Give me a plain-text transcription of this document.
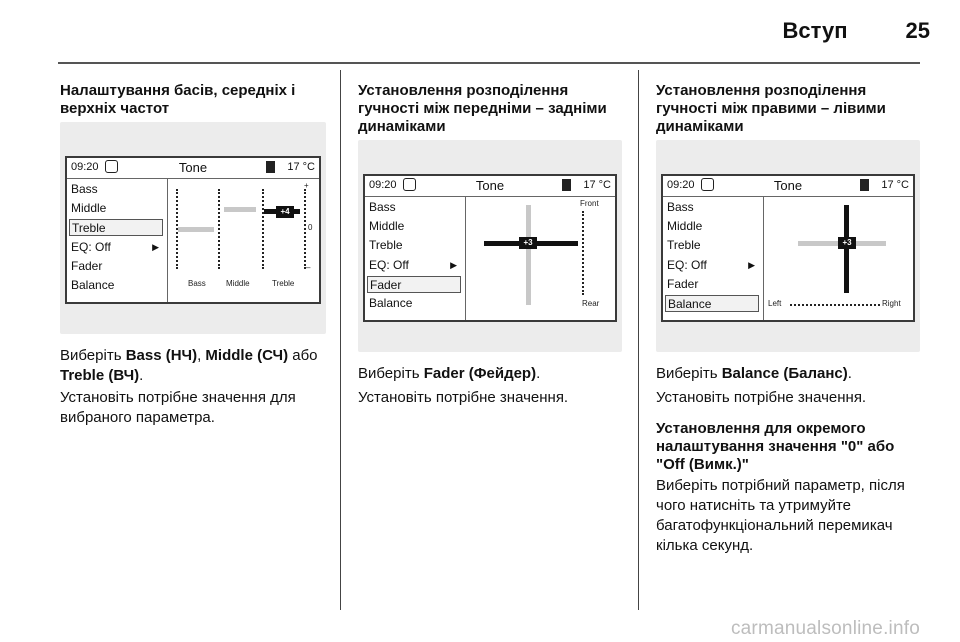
Вступ	25
Налаштування басів, середніх і верхніх частот
09:20	Tone	17 °C
Bass
Middle
Treble
EQ: Off	▶
Fader
Balance
+4
+
0
–
Bass	Middle	Treble

Виберіть Bass (НЧ), Middle (СЧ) або Treble (ВЧ).

Установіть потрібне значення для вибраного параметра.

Установлення розподілення гучності між передніми – задніми динаміками
09:20	Tone	17 °C
Bass
Middle
Treble
EQ: Off	▶
Fader
Balance
+3
Front
Rear

Виберіть Fader (Фейдер).

Установіть потрібне значення.

Установлення розподілення гучності між правими – лівими динаміками
09:20	Tone	17 °C
Bass
Middle
Treble
EQ: Off	▶
Fader
Balance
+3
Left	Right

Виберіть Balance (Баланс).

Установіть потрібне значення.

Установлення для окремого налаштування значення "0" або "Off (Вимк.)"

Виберіть потрібний параметр, після чого натисніть та утримуйте багатофункціональний перемикач кілька секунд.

carmanualsonline.info
